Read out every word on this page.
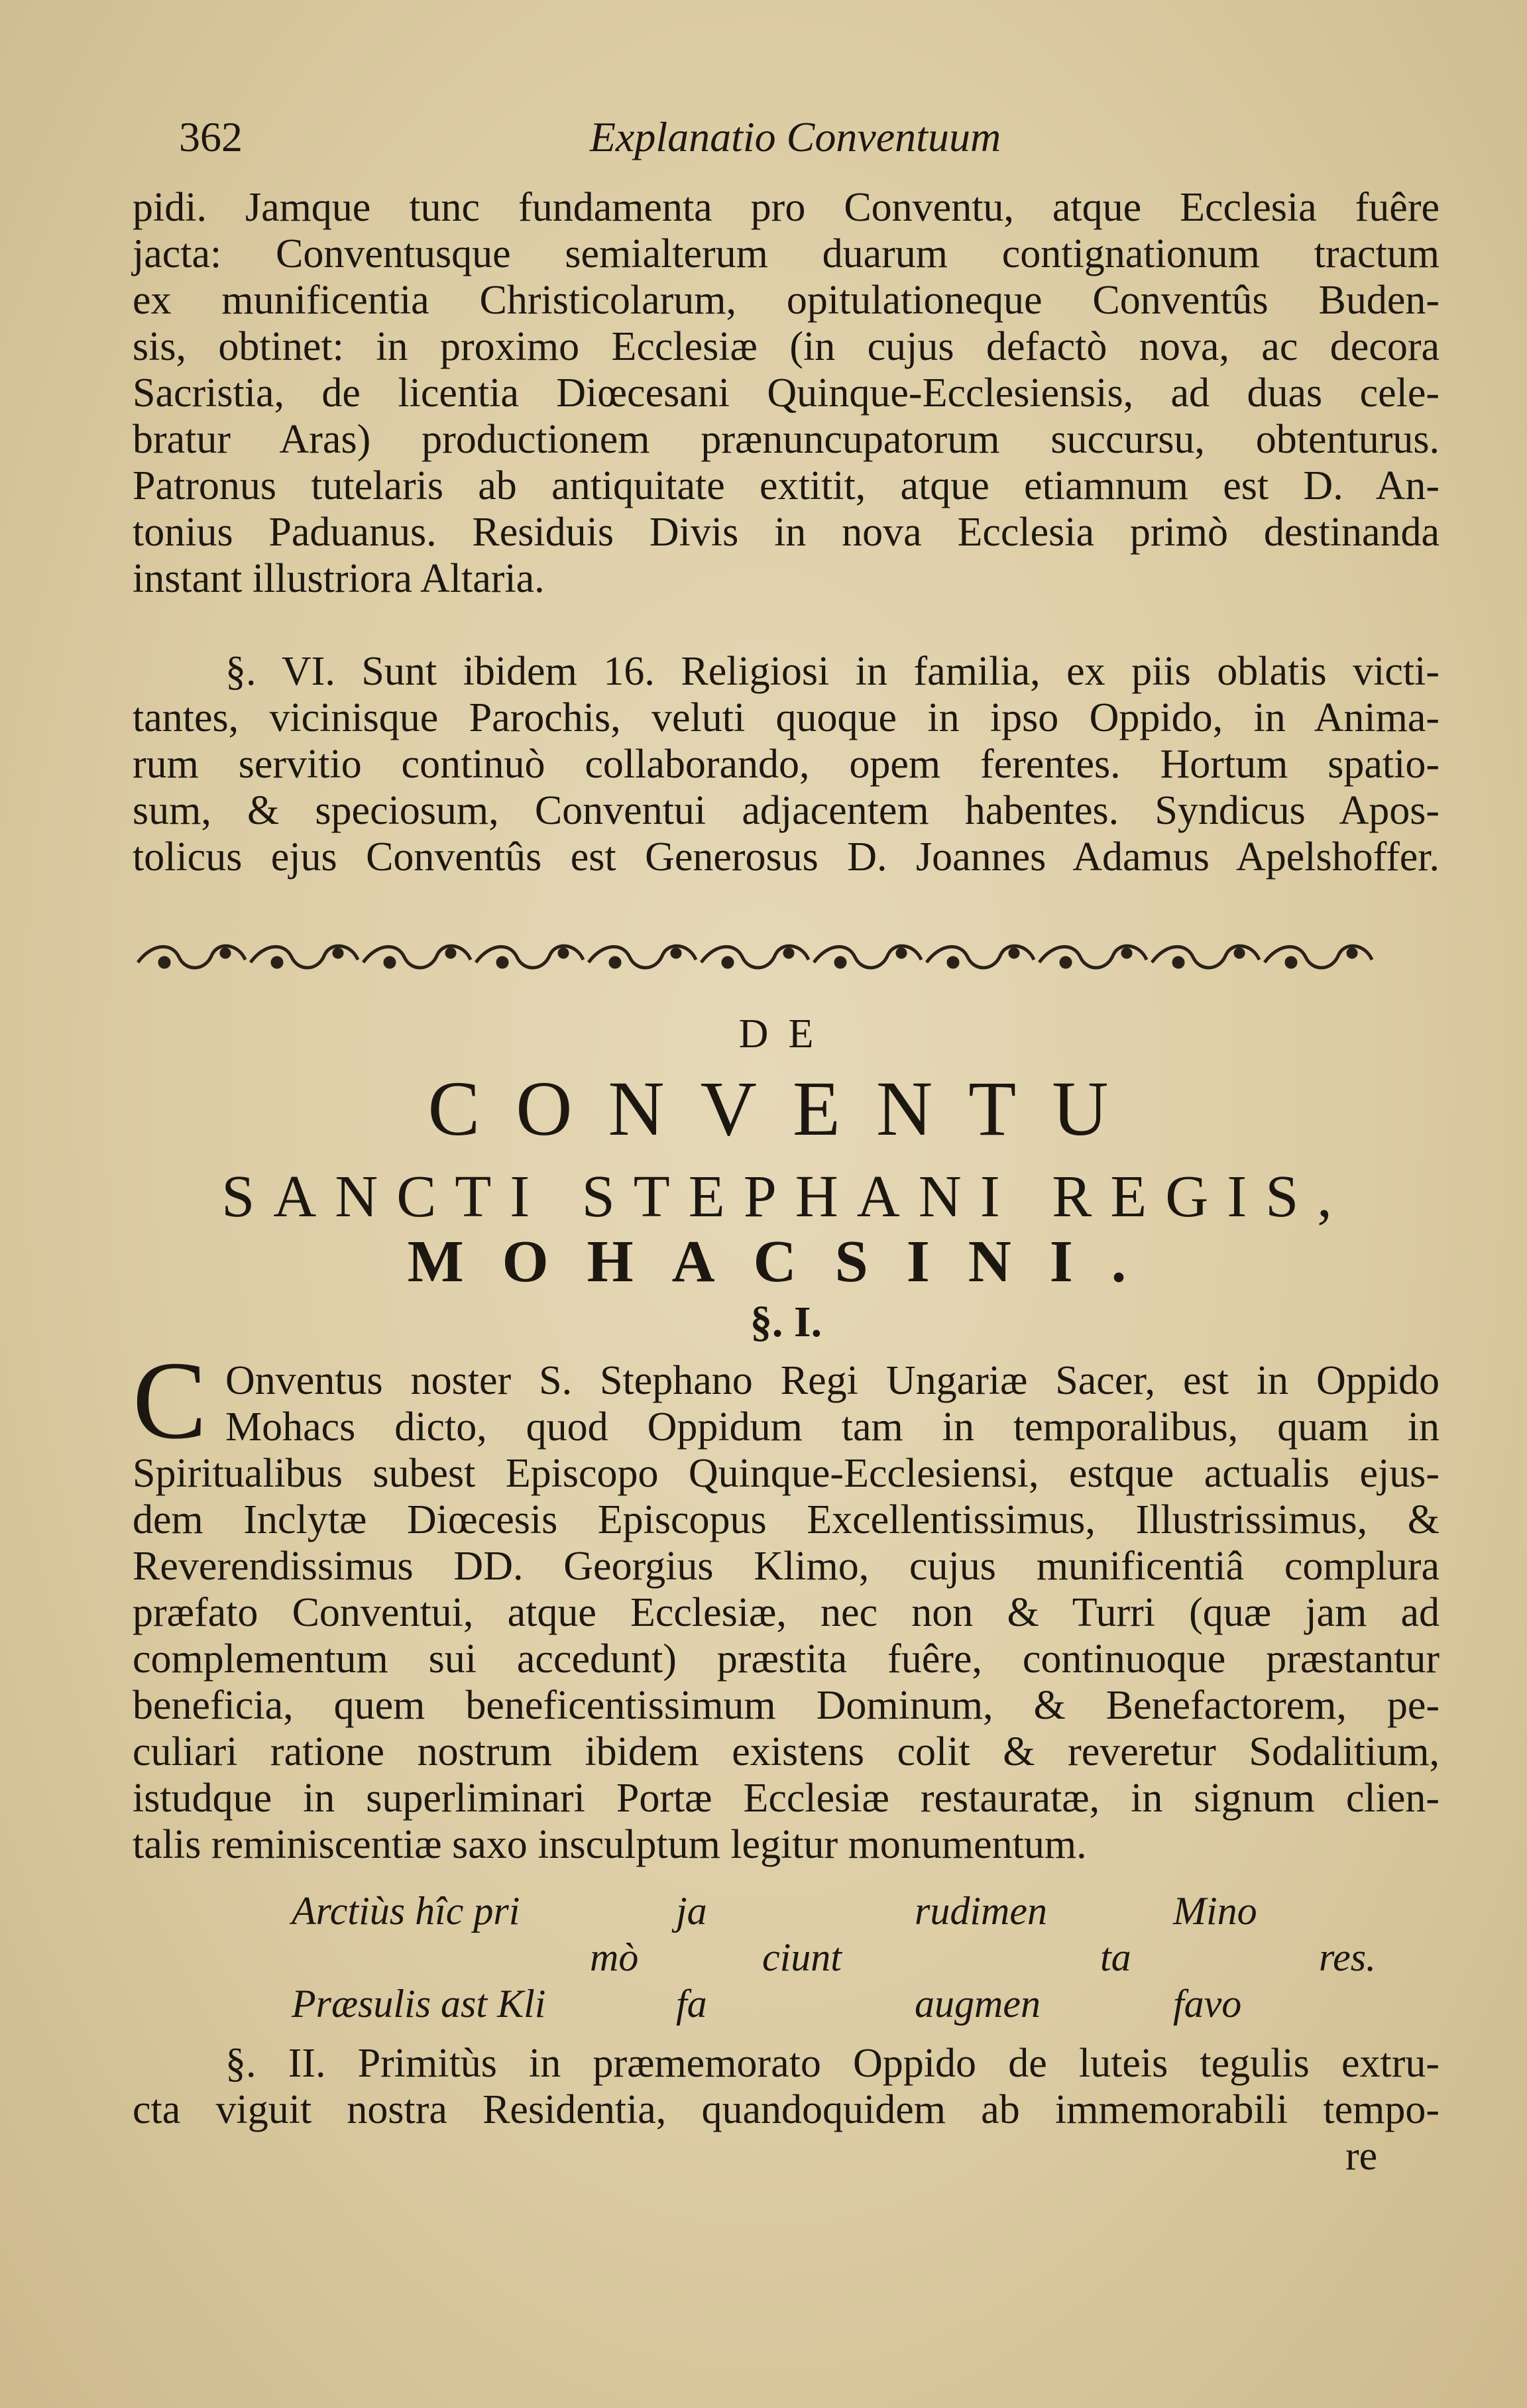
362	Explanatio Conventuum
pidi. Jamque tunc fundamenta pro Conventu, atque Ecclesia fuêre
jacta: Conventusque semialterum duarum contignationum tractum
ex munificentia Christicolarum, opitulationeque Conventûs Buden-
sis, obtinet: in proximo Ecclesiæ (in cujus defactò nova, ac decora
Sacristia, de licentia Diœcesani Quinque-Ecclesiensis, ad duas cele-
bratur Aras) productionem prænuncupatorum succursu, obtenturus.
Patronus tutelaris ab antiquitate extitit, atque etiamnum est D. An-
tonius Paduanus. Residuis Divis in nova Ecclesia primò destinanda
instant illustriora Altaria.
§. VI. Sunt ibidem 16. Religiosi in familia, ex piis oblatis victi-
tantes, vicinisque Parochis, veluti quoque in ipso Oppido, in Anima-
rum servitio continuò collaborando, opem ferentes. Hortum spatio-
sum, & speciosum, Conventui adjacentem habentes. Syndicus Apos-
tolicus ejus Conventûs est Generosus D. Joannes Adamus Apelshoffer.
DE
CONVENTU
SANCTI STEPHANI REGIS,
MOHACSINI.
§. I.
C Onventus noster S. Stephano Regi Ungariæ Sacer, est in Oppido
Mohacs dicto, quod Oppidum tam in temporalibus, quam in
Spiritualibus subest Episcopo Quinque-Ecclesiensi, estque actualis ejus-
dem Inclytæ Diœcesis Episcopus Excellentissimus, Illustrissimus, &
Reverendissimus DD. Georgius Klimo, cujus munificentiâ complura
præfato Conventui, atque Ecclesiæ, nec non & Turri (quæ jam ad
complementum sui accedunt) præstita fuêre, continuoque præstantur
beneficia, quem beneficentissimum Dominum, & Benefactorem, pe-
culiari ratione nostrum ibidem existens colit & reveretur Sodalitium,
istudque in superliminari Portæ Ecclesiæ restauratæ, in signum clien-
talis reminiscentiæ saxo insculptum legitur monumentum.
Arctiùs hîc pri	ja	rudimen	Mino
mò	ciunt	ta	res.
Præsulis ast Kli	fa	augmen	favo
§. II. Primitùs in præmemorato Oppido de luteis tegulis extru-
cta viguit nostra Residentia, quandoquidem ab immemorabili tempo-
re
